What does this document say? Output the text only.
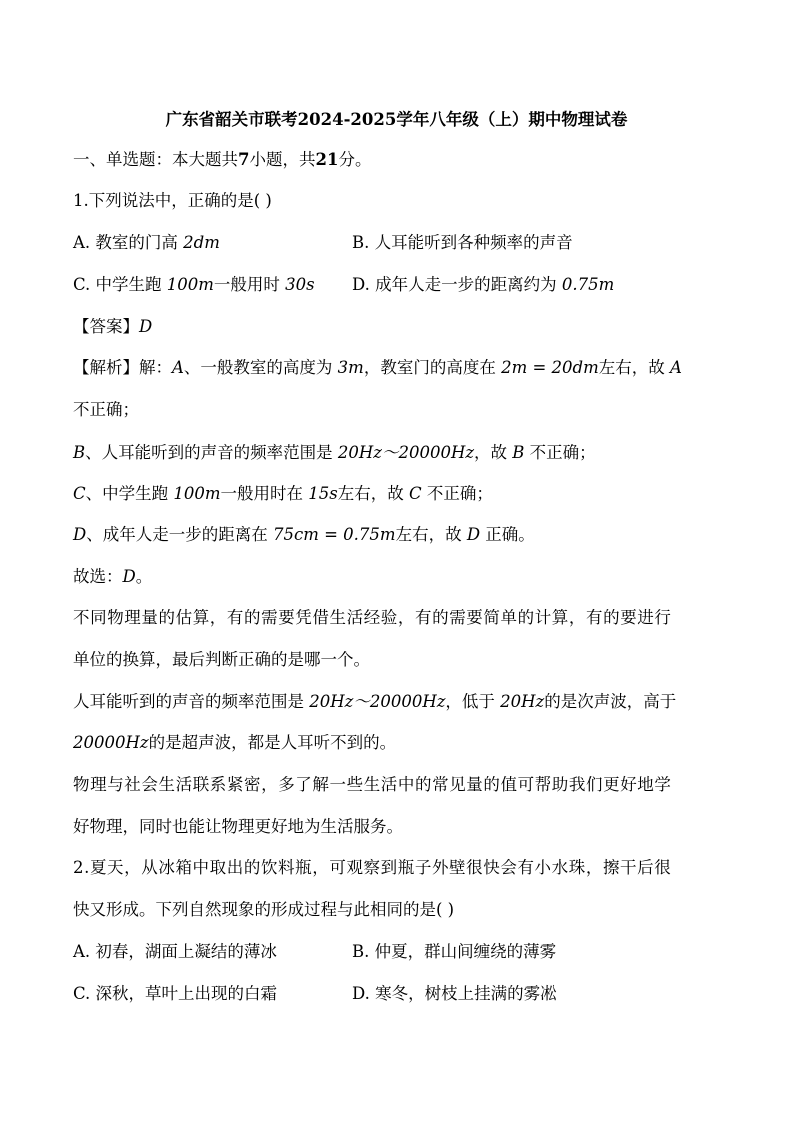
广东省韶关市联考2024-2025学年八年级（上）期中物理试卷
一、单选题：本大题共7小题，共21分。
1.下列说法中，正确的是( )
A. 教室的门高 2dm	B. 人耳能听到各种频率的声音
C. 中学生跑 100m一般用时 30s D. 成年人走一步的距离约为 0.75m
【答案】D
【解析】解：A、一般教室的高度为 3m，教室门的高度在 2m = 20dm左右，故 A
不正确；
B、人耳能听到的声音的频率范围是 20Hz～20000Hz，故 B 不正确；
C、中学生跑 100m一般用时在 15s左右，故 C 不正确；
D、成年人走一步的距离在 75cm = 0.75m左右，故 D 正确。
故选：D。
不同物理量的估算，有的需要凭借生活经验，有的需要简单的计算，有的要进行
单位的换算，最后判断正确的是哪一个。
人耳能听到的声音的频率范围是 20Hz～20000Hz，低于 20Hz的是次声波，高于
20000Hz的是超声波，都是人耳听不到的。
物理与社会生活联系紧密，多了解一些生活中的常见量的值可帮助我们更好地学
好物理，同时也能让物理更好地为生活服务。
2.夏天，从冰箱中取出的饮料瓶，可观察到瓶子外壁很快会有小水珠，擦干后很
快又形成。下列自然现象的形成过程与此相同的是( )
A. 初春，湖面上凝结的薄冰	B. 仲夏，群山间缠绕的薄雾
C. 深秋，草叶上出现的白霜	D. 寒冬，树枝上挂满的雾凇
